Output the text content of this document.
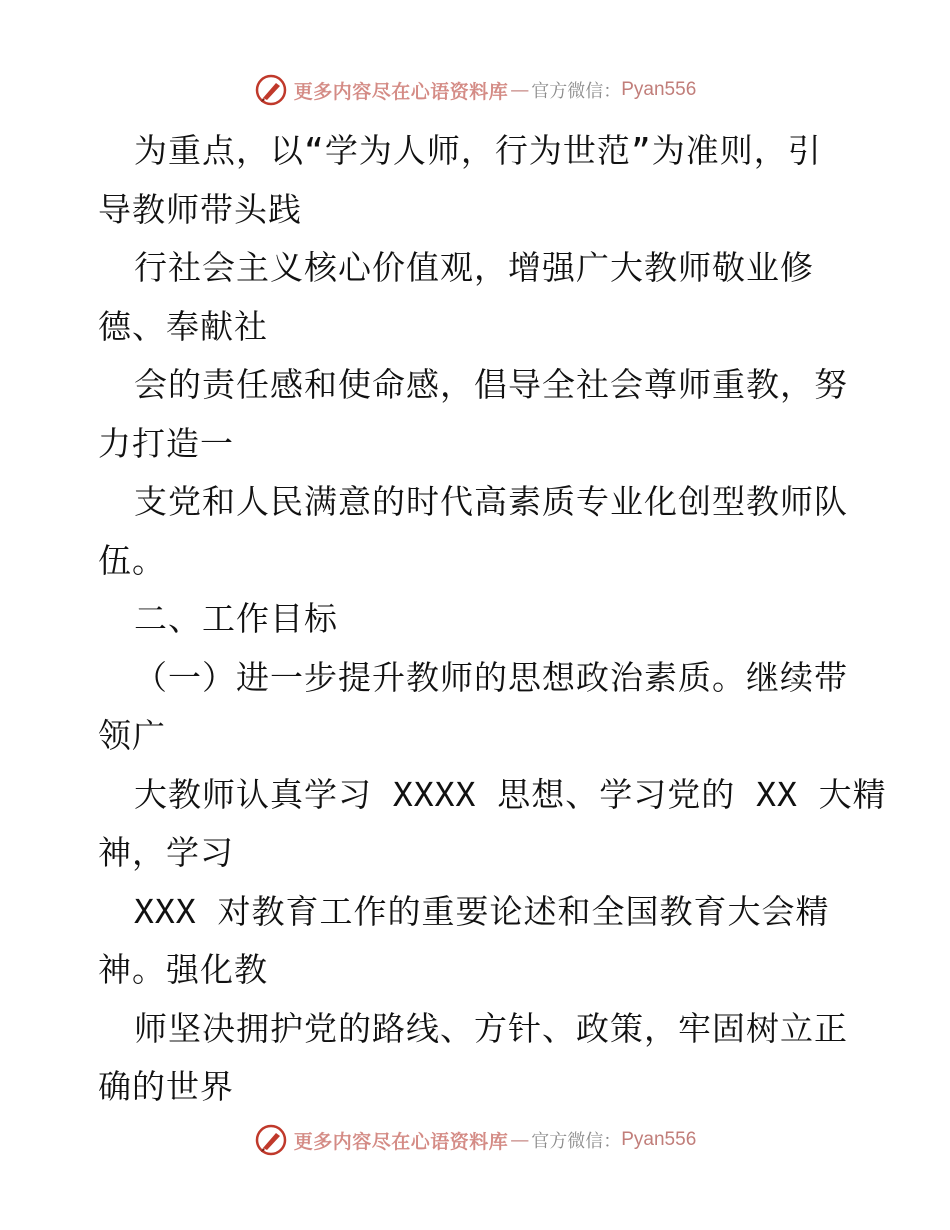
更多内容尽在心语资料库 — 官方微信： Pyan556
为重点，以“学为人师，行为世范”为准则，引
导教师带头践
行社会主义核心价值观，增强广大教师敬业修
德、奉献社
会的责任感和使命感，倡导全社会尊师重教，努
力打造一
支党和人民满意的时代高素质专业化创型教师队
伍。
二、工作目标
（一）进一步提升教师的思想政治素质。继续带
领广
大教师认真学习 XXXX 思想、学习党的 XX 大精
神，学习
XXX 对教育工作的重要论述和全国教育大会精
神。强化教
师坚决拥护党的路线、方针、政策，牢固树立正
确的世界
更多内容尽在心语资料库 — 官方微信： Pyan556
